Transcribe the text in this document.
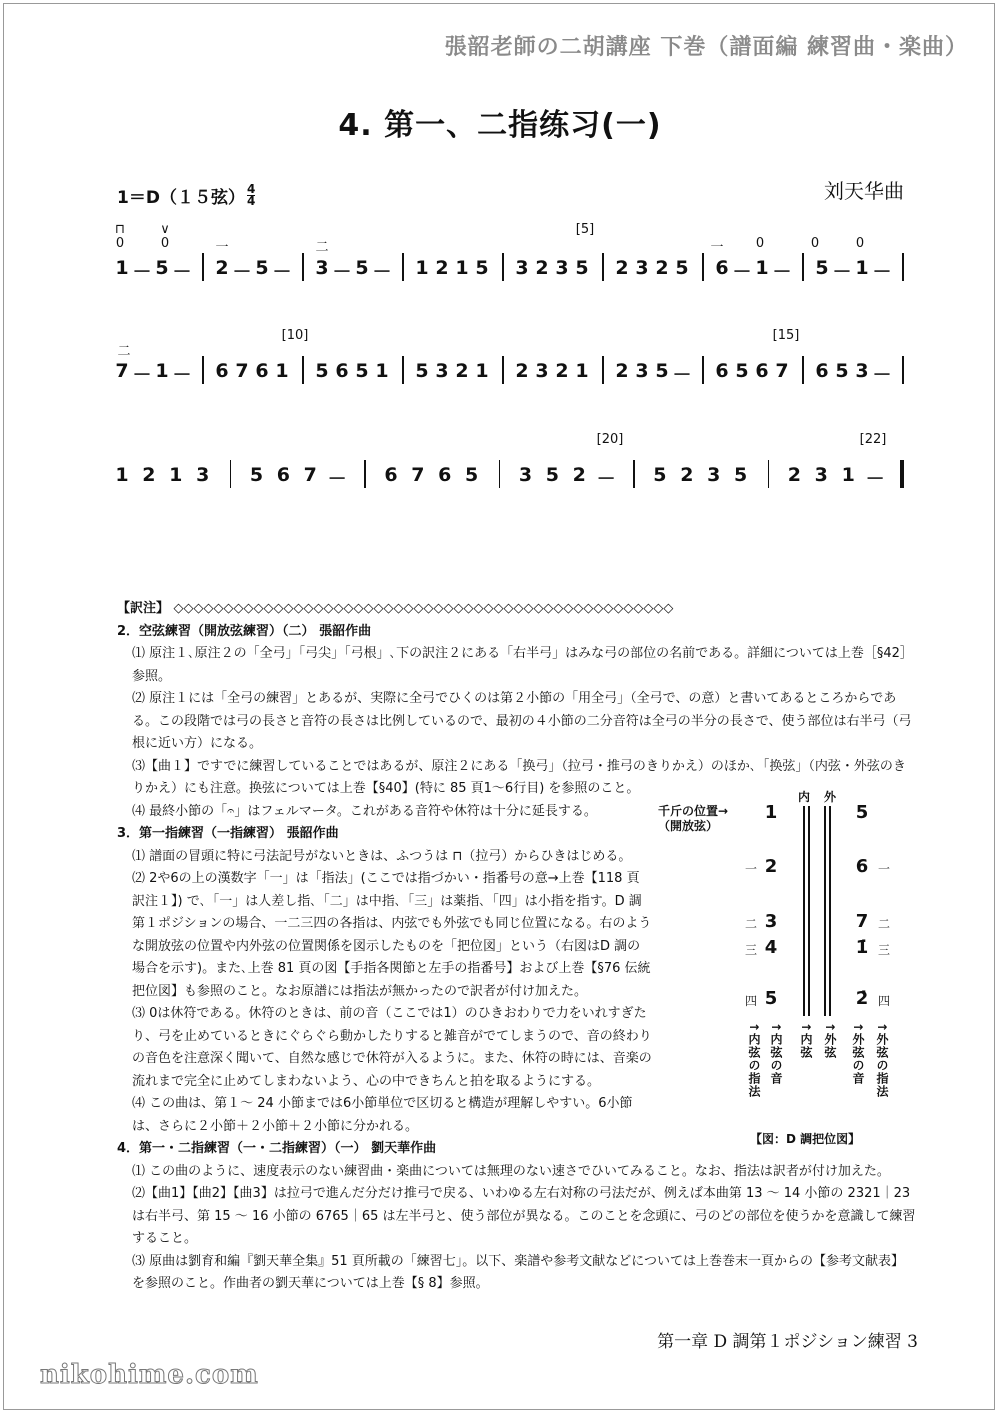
張韶老師の二胡講座 下巻（譜面編 練習曲・楽曲）
4. 第一、二指练习(一)
1＝D（１５弦） $\frac{4}{4}$	刘天华曲
1 － 5 － 2 － 5 － 3 － 5 － 1 2 1 5 3 2 3 5 2 3 2 5 6 － 1 － 5 － 1 －
⊓
0
∨
0	一	二
[5]
一 0	0	0
7 － 1 － 6 7 6 1 5 6 5 1 5 3 2 1 2 3 2 1 2 3 5 － 6 5 6 7 6 5 3 －
二
[10]	[15]
1 2 1 3 5 6 7 － 6 7 6 5 3 5 2 － 5 2 3 5 2 3 1 －
[20]	[22]

【訳注】 ◇◇◇◇◇◇◇◇◇◇◇◇◇◇◇◇◇◇◇◇◇◇◇◇◇◇◇◇◇◇◇◇◇◇◇◇◇◇◇◇◇◇◇◇◇◇◇◇◇◇

2．空弦練習（開放弦練習）（二） 張韶作曲

⑴ 原注１､原注２の「全弓」「弓尖」「弓根」､下の訳注２にある「右半弓」はみな弓の部位の名前である。詳細については上巻［§42］参照。

⑵ 原注１には「全弓の練習」とあるが、実際に全弓でひくのは第２小節の「用全弓」（全弓で、の意）と書いてあるところからである。この段階では弓の長さと音符の長さは比例しているので、最初の４小節の二分音符は全弓の半分の長さで、使う部位は右半弓（弓根に近い方）になる。

⑶【曲１】ですでに練習していることではあるが、原注２にある「换弓」（拉弓・推弓のきりかえ）のほか､「换弦」（内弦・外弦のきりかえ）にも注意。换弦については上巻【§40】(特に 85 頁1～6行目) を参照のこと。

⑷ 最終小節の「𝄐」はフェルマータ。これがある音符や休符は十分に延長する。

3．第一指練習（一指練習） 張韶作曲

⑴ 譜面の冒頭に特に弓法記号がないときは、ふつうは ⊓（拉弓）からひきはじめる。

⑵ 2や6の上の漢数字「一」は「指法」(ここでは指づかい・指番号の意→上巻【118 頁訳注１】) で､「一」は人差し指､「二」は中指､「三」は薬指､「四」は小指を指す。D 調第１ポジションの場合、一二三四の各指は、内弦でも外弦でも同じ位置になる。右のような開放弦の位置や内外弦の位置関係を図示したものを「把位図」という（右図はD 調の場合を示す)。また､上巻 81 頁の図【手指各関節と左手の指番号】および上巻【§76 伝統把位図】も参照のこと。なお原譜には指法が無かったので訳者が付け加えた。

⑶ 0は休符である。休符のときは、前の音（ここでは1）のひきおわりで力をいれすぎたり、弓を止めているときにぐらぐら動かしたりすると雑音がでてしまうので、音の終わりの音色を注意深く聞いて、自然な感じで休符が入るように。また、休符の時には、音楽の流れまで完全に止めてしまわないよう、心の中できちんと拍を取るようにする。

⑷ この曲は、第１～ 24 小節までは6小節単位で区切ると構造が理解しやすい。6小節は、さらに２小節＋２小節＋２小節に分かれる。

4．第一・二指練習（一・二指練習）（一） 劉天華作曲

⑴ この曲のように、速度表示のない練習曲・楽曲については無理のない速さでひいてみること。なお、指法は訳者が付け加えた。

⑵【曲1】【曲2】【曲3】は拉弓で進んだ分だけ推弓で戻る、いわゆる左右対称の弓法だが、例えば本曲第 13 ～ 14 小節の 2321｜23 は右半弓、第 15 ～ 16 小節の 6765｜65 は左半弓と、使う部位が異なる。このことを念頭に、弓のどの部位を使うかを意識して練習すること。

⑶ 原曲は劉育和編『劉天華全集』51 頁所載の「練習七」。以下、楽譜や参考文献などについては上巻巻末一頁からの【参考文献表】を参照のこと。作曲者の劉天華については上巻【§ 8】参照。

内 外
千斤の位置→（開放弦）
1	5
2	6
一	一
3	7
二	二
4	1̇
三	三
5	2̇
四	四
↑内弦の指法 ↑内弦の音 ↑内弦 ↑外弦 ↑外弦の音 ↑外弦の指法
【図：D 調把位図】
第一章 D 調第１ポジション練習 3
nikohime.com
